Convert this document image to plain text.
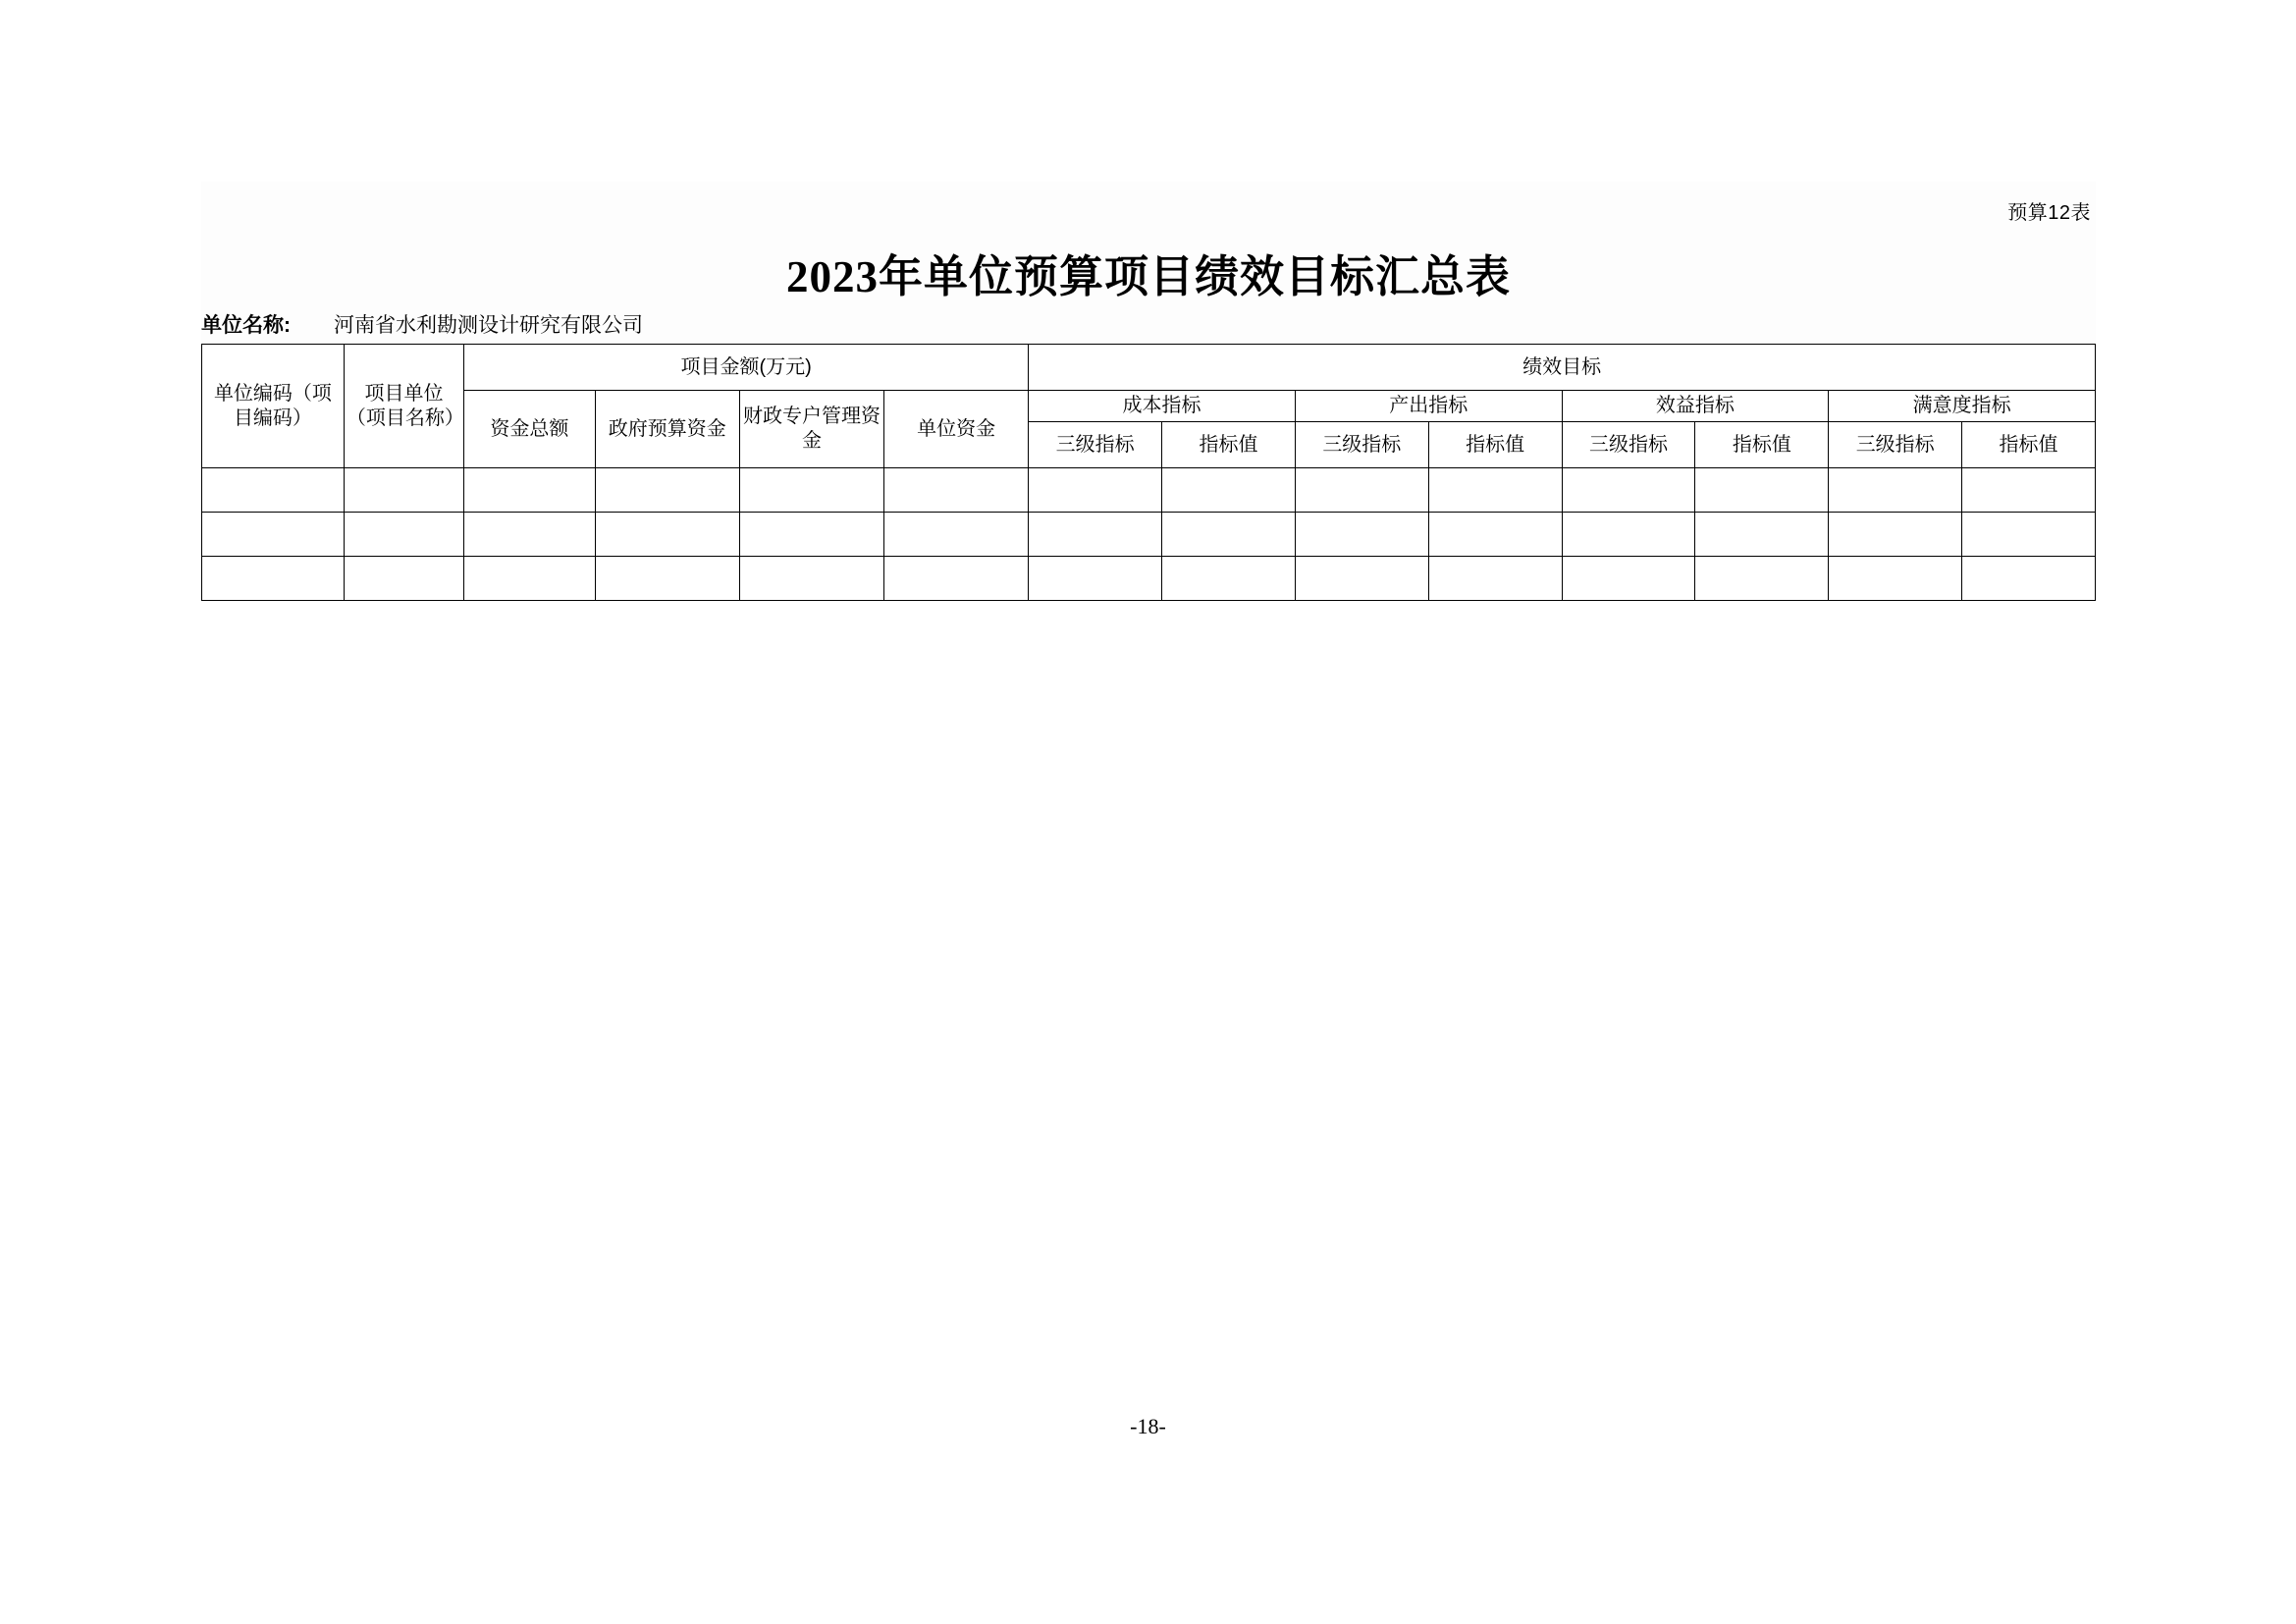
预算12表
2023年单位预算项目绩效目标汇总表
单位名称: 河南省水利勘测设计研究有限公司
单位编码（项目编码）	项目单位（项目名称）	项目金额(万元)				绩效目标							
		资金总额	政府预算资金	财政专户管理资金	单位资金	成本指标		产出指标		效益指标		满意度指标	
						三级指标	指标值	三级指标	指标值	三级指标	指标值	三级指标	指标值

-18-
